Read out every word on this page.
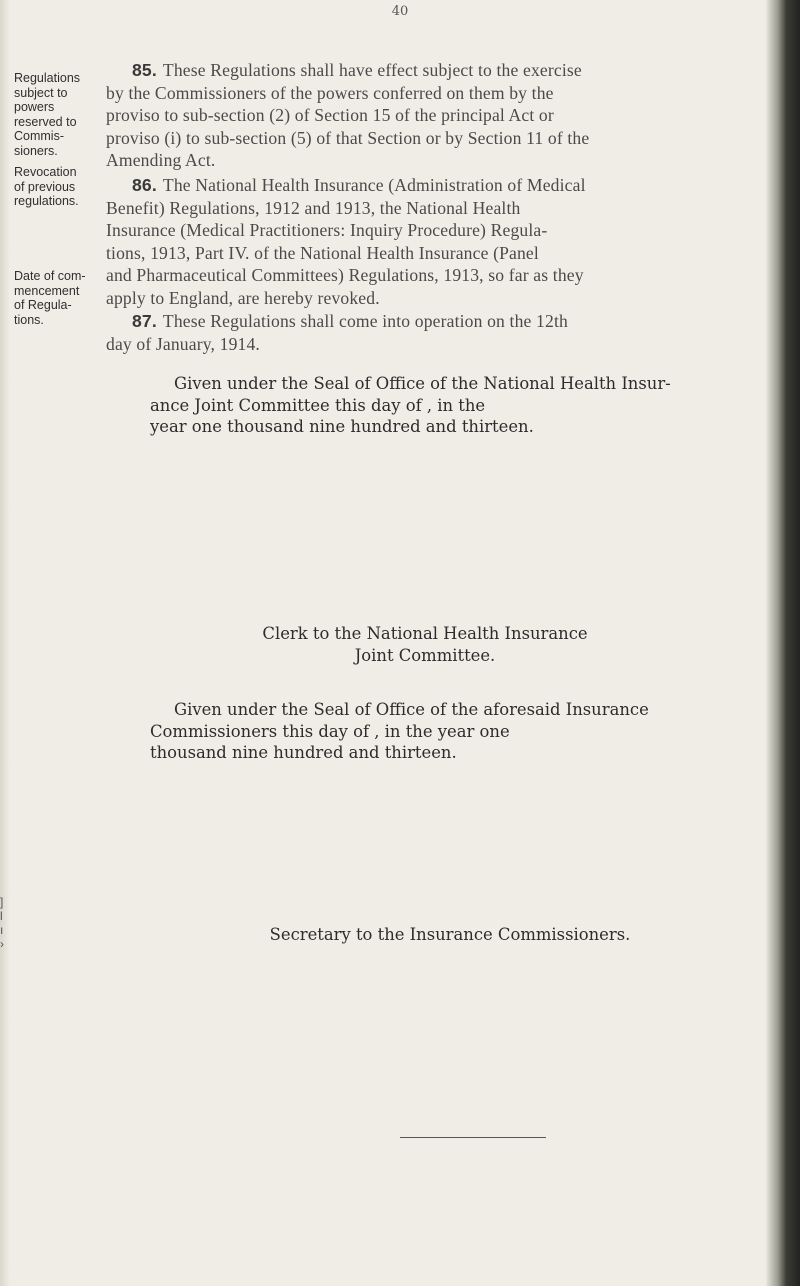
40
Regulations
subject to
powers
reserved to
Commis-
sioners.
Revocation
of previous
regulations.
Date of com-
mencement
of Regula-
tions.
85. These Regulations shall have effect subject to the exercise
by the Commissioners of the powers conferred on them by the
proviso to sub-section (2) of Section 15 of the principal Act or
proviso (i) to sub-section (5) of that Section or by Section 11 of the
Amending Act.
86. The National Health Insurance (Administration of Medical
Benefit) Regulations, 1912 and 1913, the National Health
Insurance (Medical Practitioners: Inquiry Procedure) Regula-
tions, 1913, Part IV. of the National Health Insurance (Panel
and Pharmaceutical Committees) Regulations, 1913, so far as they
apply to England, are hereby revoked.
87. These Regulations shall come into operation on the 12th
day of January, 1914.
Given under the Seal of Office of the National Health Insur-
ance Joint Committee this day of , in the
year one thousand nine hundred and thirteen.
Clerk to the National Health Insurance
Joint Committee.
Given under the Seal of Office of the aforesaid Insurance
Commissioners this day of , in the year one
thousand nine hundred and thirteen.
Secretary to the Insurance Commissioners.
]
l
ı
›
